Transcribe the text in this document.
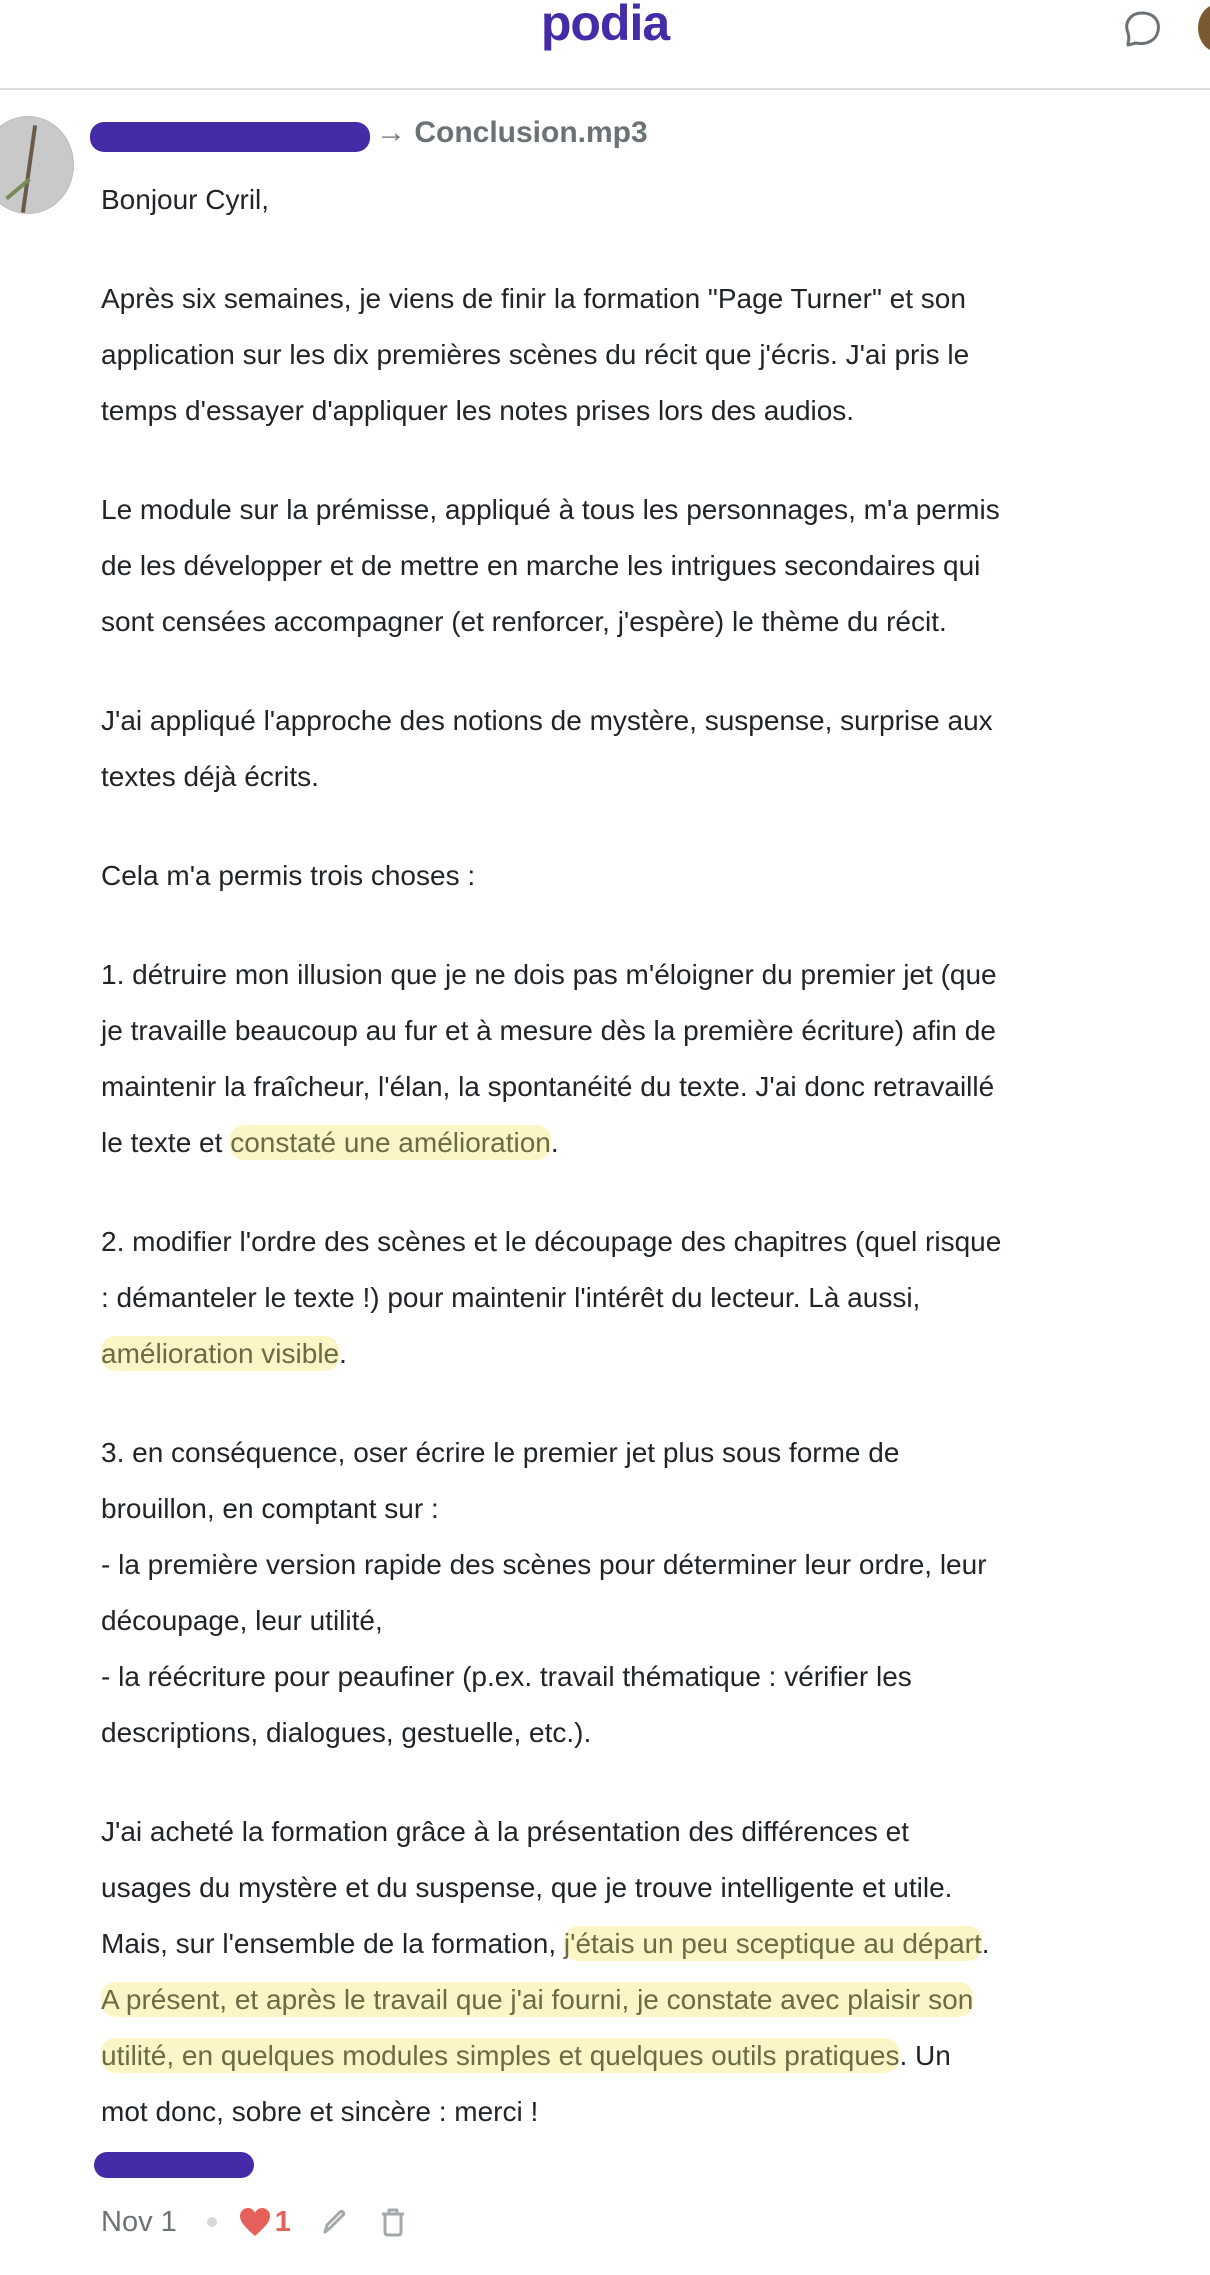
podia
→ Conclusion.mp3
Bonjour Cyril,
Après six semaines, je viens de finir la formation "Page Turner" et son
application sur les dix premières scènes du récit que j'écris. J'ai pris le
temps d'essayer d'appliquer les notes prises lors des audios.
Le module sur la prémisse, appliqué à tous les personnages, m'a permis
de les développer et de mettre en marche les intrigues secondaires qui
sont censées accompagner (et renforcer, j'espère) le thème du récit.
J'ai appliqué l'approche des notions de mystère, suspense, surprise aux
textes déjà écrits.
Cela m'a permis trois choses :
1. détruire mon illusion que je ne dois pas m'éloigner du premier jet (que
je travaille beaucoup au fur et à mesure dès la première écriture) afin de
maintenir la fraîcheur, l'élan, la spontanéité du texte. J'ai donc retravaillé
le texte et constaté une amélioration.
2. modifier l'ordre des scènes et le découpage des chapitres (quel risque
: démanteler le texte !) pour maintenir l'intérêt du lecteur. Là aussi,
amélioration visible.
3. en conséquence, oser écrire le premier jet plus sous forme de
brouillon, en comptant sur :
- la première version rapide des scènes pour déterminer leur ordre, leur
découpage, leur utilité,
- la réécriture pour peaufiner (p.ex. travail thématique : vérifier les
descriptions, dialogues, gestuelle, etc.).
J'ai acheté la formation grâce à la présentation des différences et
usages du mystère et du suspense, que je trouve intelligente et utile.
Mais, sur l'ensemble de la formation, j'étais un peu sceptique au départ.
A présent, et après le travail que j'ai fourni, je constate avec plaisir son
utilité, en quelques modules simples et quelques outils pratiques. Un
mot donc, sobre et sincère : merci !
Nov 1	1
